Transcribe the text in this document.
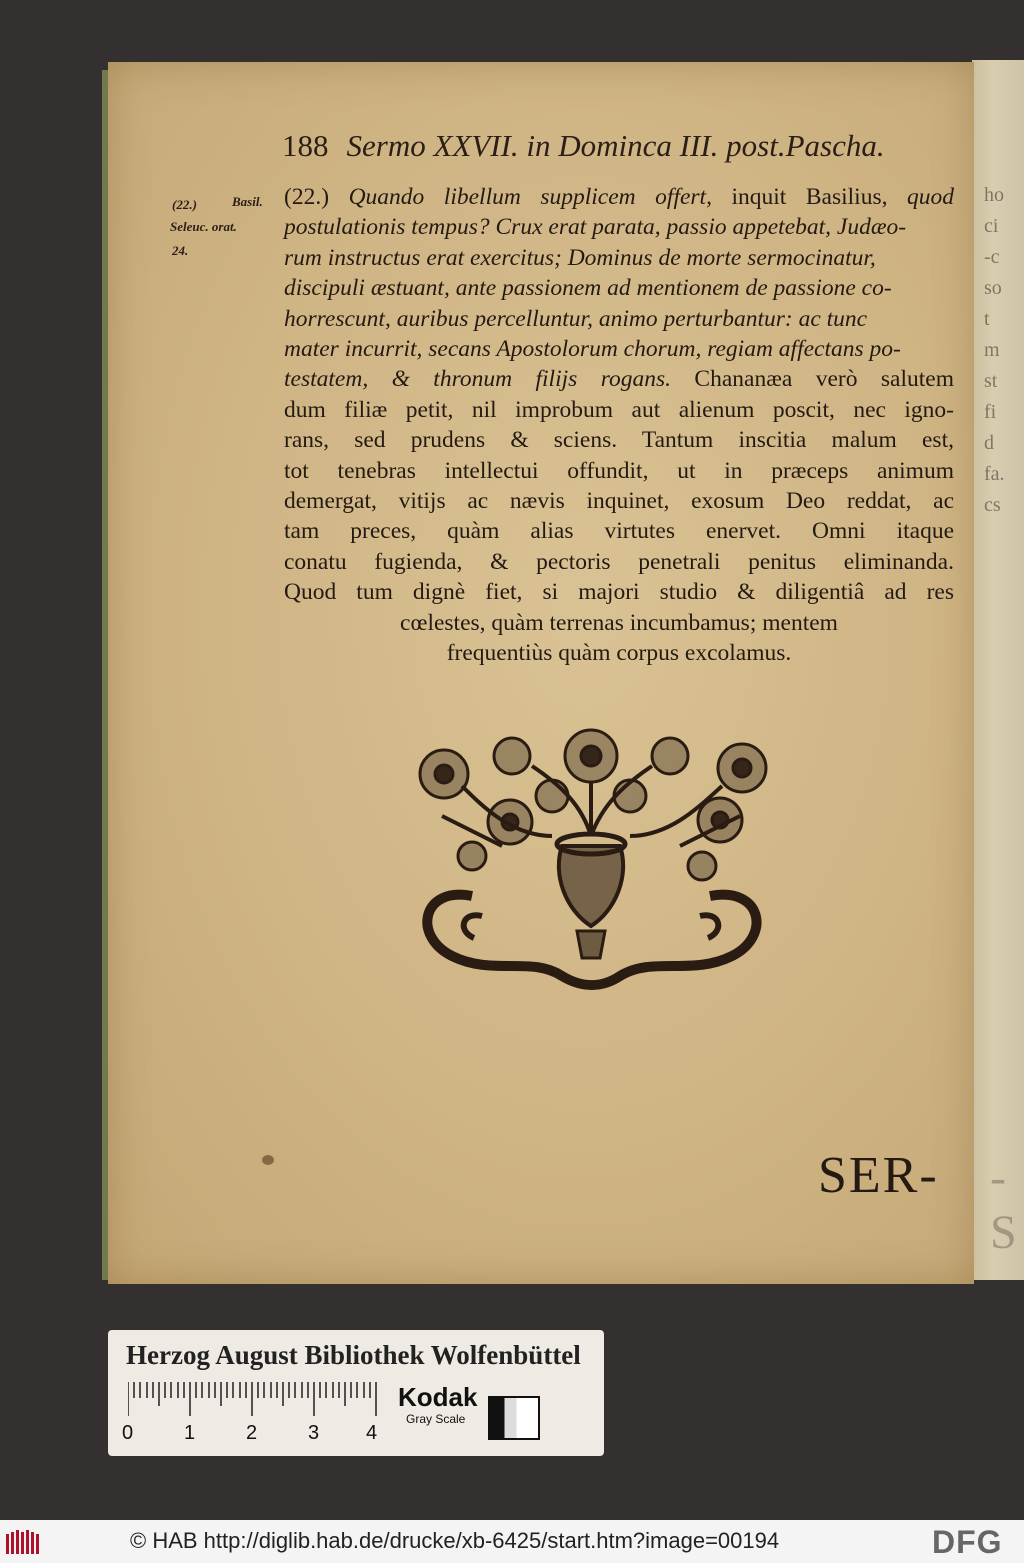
ho
ci
-c
so
t
m
st
fi
d
fa.
cs
-S
188 Sermo XXVII. in Dominca III. post.Pascha.
(22.)	Basil.
Seleuc. orat.
24.
(22.) Quando libellum supplicem offert, inquit Basilius, quod
postulationis tempus? Crux erat parata, passio appetebat, Judæo-
rum instructus erat exercitus; Dominus de morte sermocinatur,
discipuli æstuant, ante passionem ad mentionem de passione co-
horrescunt, auribus percelluntur, animo perturbantur: ac tunc
mater incurrit, secans Apostolorum chorum, regiam affectans po-
testatem, & thronum filijs rogans. Chananæa verò salutem
dum filiæ petit, nil improbum aut alienum poscit, nec igno-
rans, sed prudens & sciens. Tantum inscitia malum est,
tot tenebras intellectui offundit, ut in præceps animum
demergat, vitijs ac nævis inquinet, exosum Deo reddat, ac
tam preces, quàm alias virtutes enervet. Omni itaque
conatu fugienda, & pectoris penetrali penitus eliminanda.
Quod tum dignè fiet, si majori studio & diligentiâ ad res
cœlestes, quàm terrenas incumbamus; mentem
frequentiùs quàm corpus excolamus.
SER-
Herzog August Bibliothek Wolfenbüttel
0	1	2	3 4
Kodak
Gray Scale
© HAB http://diglib.hab.de/drucke/xb-6425/start.htm?image=00194	DFG
